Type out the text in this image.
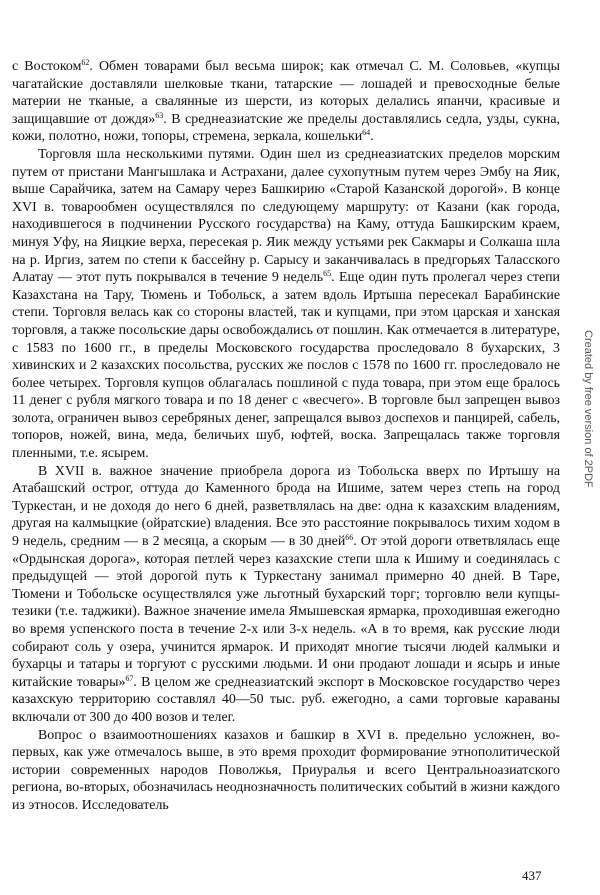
с Востоком$^{62}$. Обмен товарами был весьма широк; как отмечал С. М. Соловьев, «купцы чагатайские доставляли шелковые ткани, татарские — лошадей и превосходные белые материи не тканые, а свалянные из шерсти, из которых делались япанчи, красивые и защищавшие от дождя»$^{63}$. В среднеазиатские же пределы доставлялись седла, узды, сукна, кожи, полотно, ножи, топоры, стремена, зеркала, кошельки$^{64}$.

Торговля шла несколькими путями. Один шел из среднеазиатских пределов морским путем от пристани Мангышлака и Астрахани, далее сухопутным путем через Эмбу на Яик, выше Сарайчика, затем на Самару через Башкирию «Старой Казанской дорогой». В конце XVI в. товарообмен осуществлялся по следующему маршруту: от Казани (как города, находившегося в подчинении Русского государства) на Каму, оттуда Башкирским краем, минуя Уфу, на Яицкие верха, пересекая р. Яик между устьями рек Сакмары и Солкаша шла на р. Иргиз, затем по степи к бассейну р. Сарысу и заканчивалась в предгорьях Таласского Алатау — этот путь покрывался в течение 9 недель$^{65}$. Еще один путь пролегал через степи Казахстана на Тару, Тюмень и Тобольск, а затем вдоль Иртыша пересекал Барабинские степи. Торговля велась как со стороны властей, так и купцами, при этом царская и ханская торговля, а также посольские дары освобождались от пошлин. Как отмечается в литературе, с 1583 по 1600 гг., в пределы Московского государства проследовало 8 бухарских, 3 хивинских и 2 казахских посольства, русских же послов с 1578 по 1600 гг. проследовало не более четырех. Торговля купцов облагалась пошлиной с пуда товара, при этом еще бралось 11 денег с рубля мягкого товара и по 18 денег с «весчего». В торговле был запрещен вывоз золота, ограничен вывоз серебряных денег, запрещался вывоз доспехов и панцирей, сабель, топоров, ножей, вина, меда, беличьих шуб, юфтей, воска. Запрещалась также торговля пленными, т.е. ясырем.

В XVII в. важное значение приобрела дорога из Тобольска вверх по Иртышу на Атабашский острог, оттуда до Каменного брода на Ишиме, затем через степь на город Туркестан, и не доходя до него 6 дней, разветвлялась на две: одна к казахским владениям, другая на калмыцкие (ойратские) владения. Все это расстояние покрывалось тихим ходом в 9 недель, средним — в 2 месяца, а скорым — в 30 дней$^{66}$. От этой дороги ответвлялась еще «Ордынская дорога», которая петлей через казахские степи шла к Ишиму и соединялась с предыдущей — этой дорогой путь к Туркестану занимал примерно 40 дней. В Таре, Тюмени и Тобольске осуществлялся уже льготный бухарский торг; торговлю вели купцы-тезики (т.е. таджики). Важное значение имела Ямышевская ярмарка, проходившая ежегодно во время успенского поста в течение 2-х или 3-х недель. «А в то время, как русские люди собирают соль у озера, учинится ярмарок. И приходят многие тысячи людей калмыки и бухарцы и татары и торгуют с русскими людьми. И они продают лошади и ясырь и иные китайские товары»$^{67}$. В целом же среднеазиатский экспорт в Московское государство через казахскую территорию составлял 40—50 тыс. руб. ежегодно, а сами торговые караваны включали от 300 до 400 возов и телег.

Вопрос о взаимоотношениях казахов и башкир в XVI в. предельно усложнен, во-первых, как уже отмечалось выше, в это время проходит формирование этнополитической истории современных народов Поволжья, Приуралья и всего Центральноазиатского региона, во-вторых, обозначилась неоднозначность политических событий в жизни каждого из этносов. Исследователь

Created by free version of 2PDF
437
